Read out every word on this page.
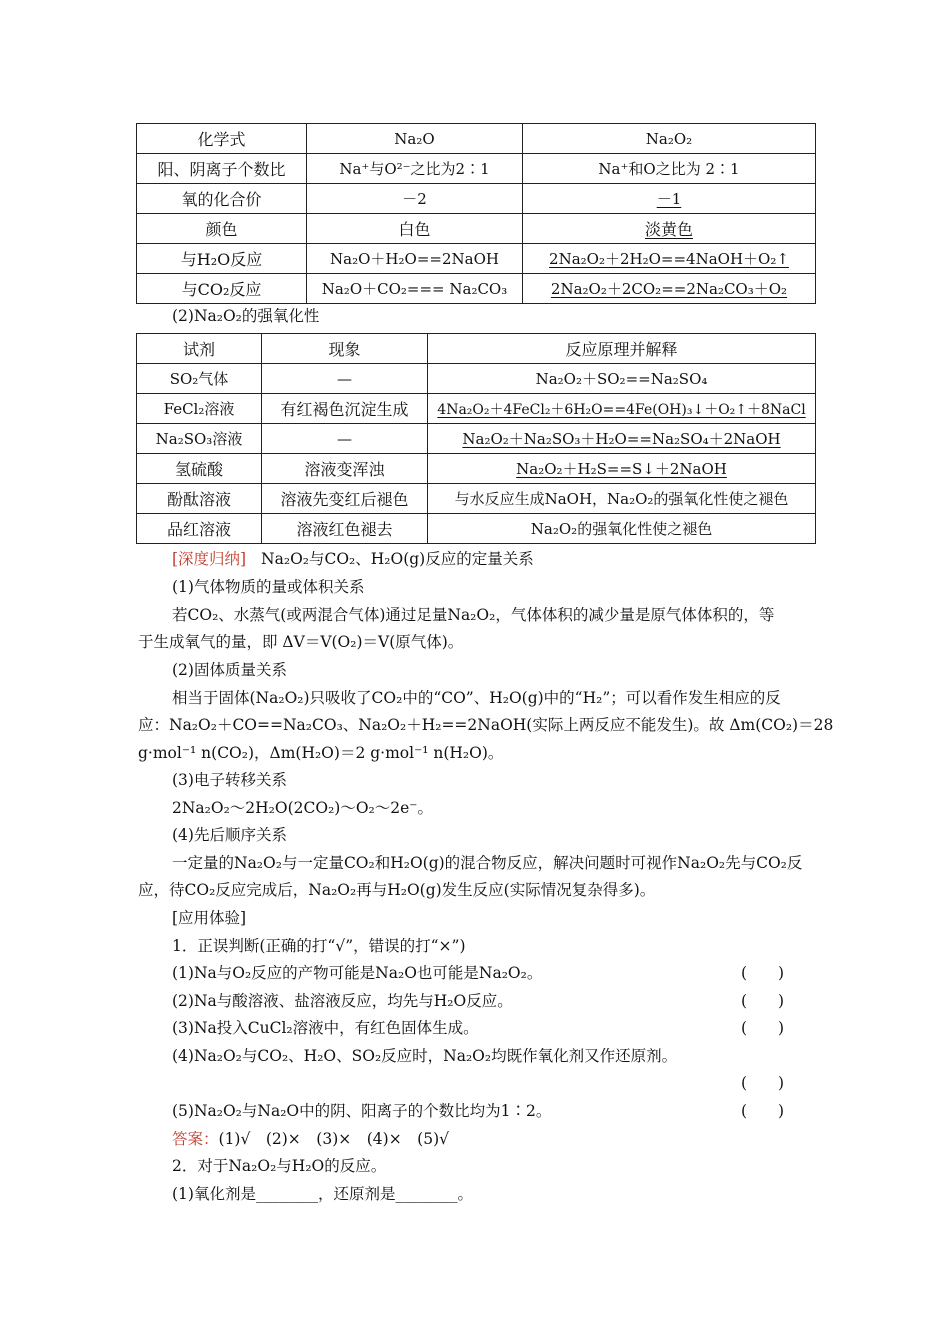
化学式	Na₂O	Na₂O₂
阳、阴离子个数比	Na⁺与O²⁻之比为2∶1	Na⁺和O之比为 2∶1
氧的化合价	－2	－1
颜色	白色	淡黄色
与H₂O反应	Na₂O＋H₂O==2NaOH	2Na₂O₂＋2H₂O==4NaOH＋O₂↑
与CO₂反应	Na₂O＋CO₂=== Na₂CO₃	2Na₂O₂＋2CO₂==2Na₂CO₃＋O₂
(2)Na₂O₂的强氧化性
试剂	现象	反应原理并解释
SO₂气体	—	Na₂O₂＋SO₂==Na₂SO₄
FeCl₂溶液	有红褐色沉淀生成	4Na₂O₂＋4FeCl₂＋6H₂O==4Fe(OH)₃↓＋O₂↑＋8NaCl
Na₂SO₃溶液	—	Na₂O₂＋Na₂SO₃＋H₂O==Na₂SO₄＋2NaOH
氢硫酸	溶液变浑浊	Na₂O₂＋H₂S==S↓＋2NaOH
酚酞溶液	溶液先变红后褪色	与水反应生成NaOH，Na₂O₂的强氧化性使之褪色
品红溶液	溶液红色褪去	Na₂O₂的强氧化性使之褪色
[深度归纳] Na₂O₂与CO₂、H₂O(g)反应的定量关系
(1)气体物质的量或体积关系
若CO₂、水蒸气(或两混合气体)通过足量Na₂O₂，气体体积的减少量是原气体体积的，等
于生成氧气的量，即 ΔV＝V(O₂)＝V(原气体)。
(2)固体质量关系
相当于固体(Na₂O₂)只吸收了CO₂中的“CO”、H₂O(g)中的“H₂”；可以看作发生相应的反
应：Na₂O₂＋CO==Na₂CO₃、Na₂O₂＋H₂==2NaOH(实际上两反应不能发生)。故 Δm(CO₂)＝28
g·mol⁻¹ n(CO₂)，Δm(H₂O)＝2 g·mol⁻¹ n(H₂O)。
(3)电子转移关系
2Na₂O₂～2H₂O(2CO₂)～O₂～2e⁻。
(4)先后顺序关系
一定量的Na₂O₂与一定量CO₂和H₂O(g)的混合物反应，解决问题时可视作Na₂O₂先与CO₂反
应，待CO₂反应完成后，Na₂O₂再与H₂O(g)发生反应(实际情况复杂得多)。
[应用体验]
1．正误判断(正确的打“√”，错误的打“×”)
(1)Na与O₂反应的产物可能是Na₂O也可能是Na₂O₂。	(　　)
(2)Na与酸溶液、盐溶液反应，均先与H₂O反应。	(　　)
(3)Na投入CuCl₂溶液中，有红色固体生成。	(　　)
(4)Na₂O₂与CO₂、H₂O、SO₂反应时，Na₂O₂均既作氧化剂又作还原剂。
(　　)
(5)Na₂O₂与Na₂O中的阴、阳离子的个数比均为1∶2。	(　　)
答案：(1)√　(2)×　(3)×　(4)×　(5)√
2．对于Na₂O₂与H₂O的反应。
(1)氧化剂是________，还原剂是________。
